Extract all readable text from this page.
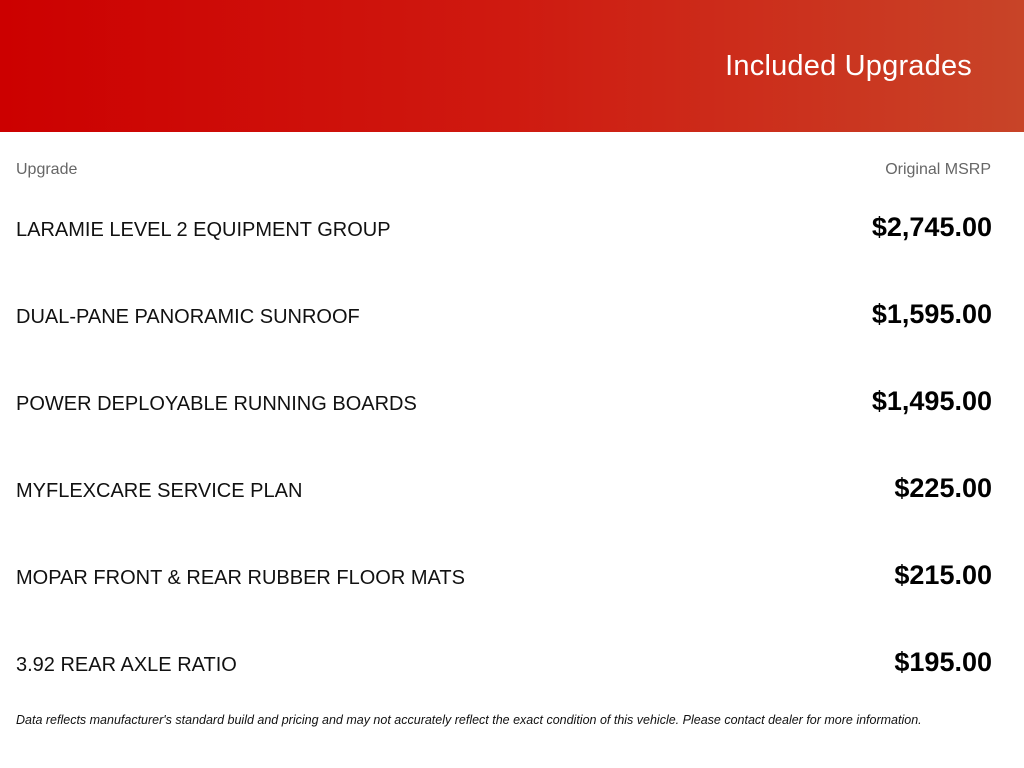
Included Upgrades
Upgrade	Original MSRP
LARAMIE LEVEL 2 EQUIPMENT GROUP	$2,745.00
DUAL-PANE PANORAMIC SUNROOF	$1,595.00
POWER DEPLOYABLE RUNNING BOARDS	$1,495.00
MYFLEXCARE SERVICE PLAN	$225.00
MOPAR FRONT & REAR RUBBER FLOOR MATS	$215.00
3.92 REAR AXLE RATIO	$195.00
Data reflects manufacturer's standard build and pricing and may not accurately reflect the exact condition of this vehicle. Please contact dealer for more information.
